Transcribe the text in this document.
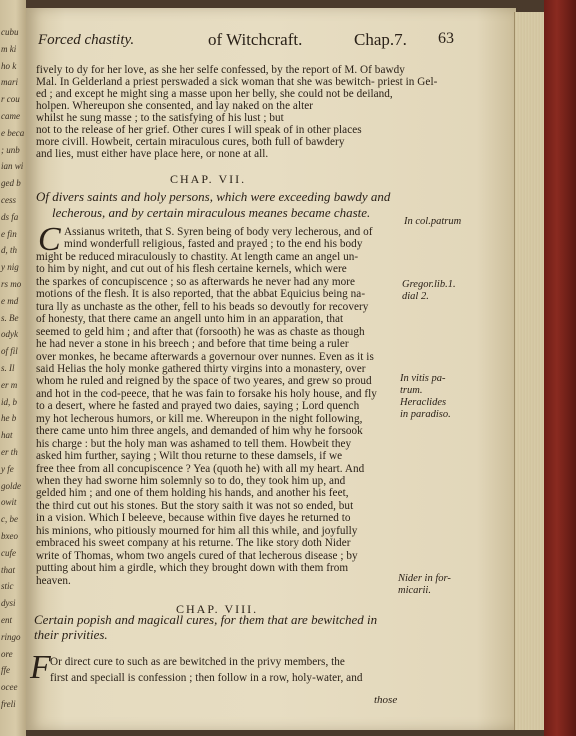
cubu
m ki
ho k
mari
r cou
came
e beca
; unb
ian wi
ged b
cess
ds fa
e fin
d, th
y nig
rs mo
e md
s. Be
odyk
of fil
s. Il
er m
id, b
he b
hat
er th
y fe
golde
owit
c, be
bxeo
cufe
that
stic
dysi
ent
ringo
ore
ffe
ocee
freli
Forced chastity.	of Witchcraft.	Chap.7. 63
fively to dy for her love, as she her selfe confessed, by the report of M. Of bawdy
Mal. In Gelderland a priest perswaded a sick woman that she was bewitch- priest in Gel-
ed ; and except he might sing a masse upon her belly, she could not be deiland,
holpen. Whereupon she consented, and lay naked on the alter
whilst he sung masse ; to the satisfying of his lust ; but
not to the release of her grief. Other cures I will speak of in other places
more civill. Howbeit, certain miraculous cures, both full of bawdery
and lies, must either have place here, or none at all.
CHAP. VII.
Of divers saints and holy persons, which were exceeding bawdy and
lecherous, and by certain miraculous meanes became chaste.
C Assianus writeth, that S. Syren being of body very lecherous, and of
mind wonderfull religious, fasted and prayed ; to the end his body
might be reduced miraculously to chastity. At length came an angel un-
to him by night, and cut out of his flesh certaine kernels, which were
the sparkes of concupiscence ; so as afterwards he never had any more
motions of the flesh. It is also reported, that the abbat Equicius being na-
tura lly as unchaste as the other, fell to his beads so devoutly for recovery
of honesty, that there came an angell unto him in an apparation, that
seemed to geld him ; and after that (forsooth) he was as chaste as though
he had never a stone in his breech ; and before that time being a ruler
over monkes, he became afterwards a governour over nunnes. Even as it is
said Helias the holy monke gathered thirty virgins into a monastery, over
whom he ruled and reigned by the space of two yeares, and grew so proud
and hot in the cod-peece, that he was fain to forsake his holy house, and fly
to a desert, where he fasted and prayed two daies, saying ; Lord quench
my hot lecherous humors, or kill me. Whereupon in the night following,
there came unto him three angels, and demanded of him why he forsook
his charge : but the holy man was ashamed to tell them. Howbeit they
asked him further, saying ; Wilt thou returne to these damsels, if we
free thee from all concupiscence ? Yea (quoth he) with all my heart. And
when they had sworne him solemnly so to do, they took him up, and
gelded him ; and one of them holding his hands, and another his feet,
the third cut out his stones. But the story saith it was not so ended, but
in a vision. Which I beleeve, because within five dayes he returned to
his minions, who pitiously mourned for him all this while, and joyfully
embraced his sweet company at his returne. The like story doth Nider
write of Thomas, whom two angels cured of that lecherous disease ; by
putting about him a girdle, which they brought down with them from
heaven.
CHAP. VIII.
Certain popish and magicall cures, for them that are bewitched in
their privities.
F Or direct cure to such as are bewitched in the privy members, the
first and speciall is confession ; then follow in a row, holy-water, and
those
In col.patrum
Gregor.lib.1.
dial 2.
In vitis pa-
trum.
Heraclides
in paradiso.
Nider in for-
micarii.
